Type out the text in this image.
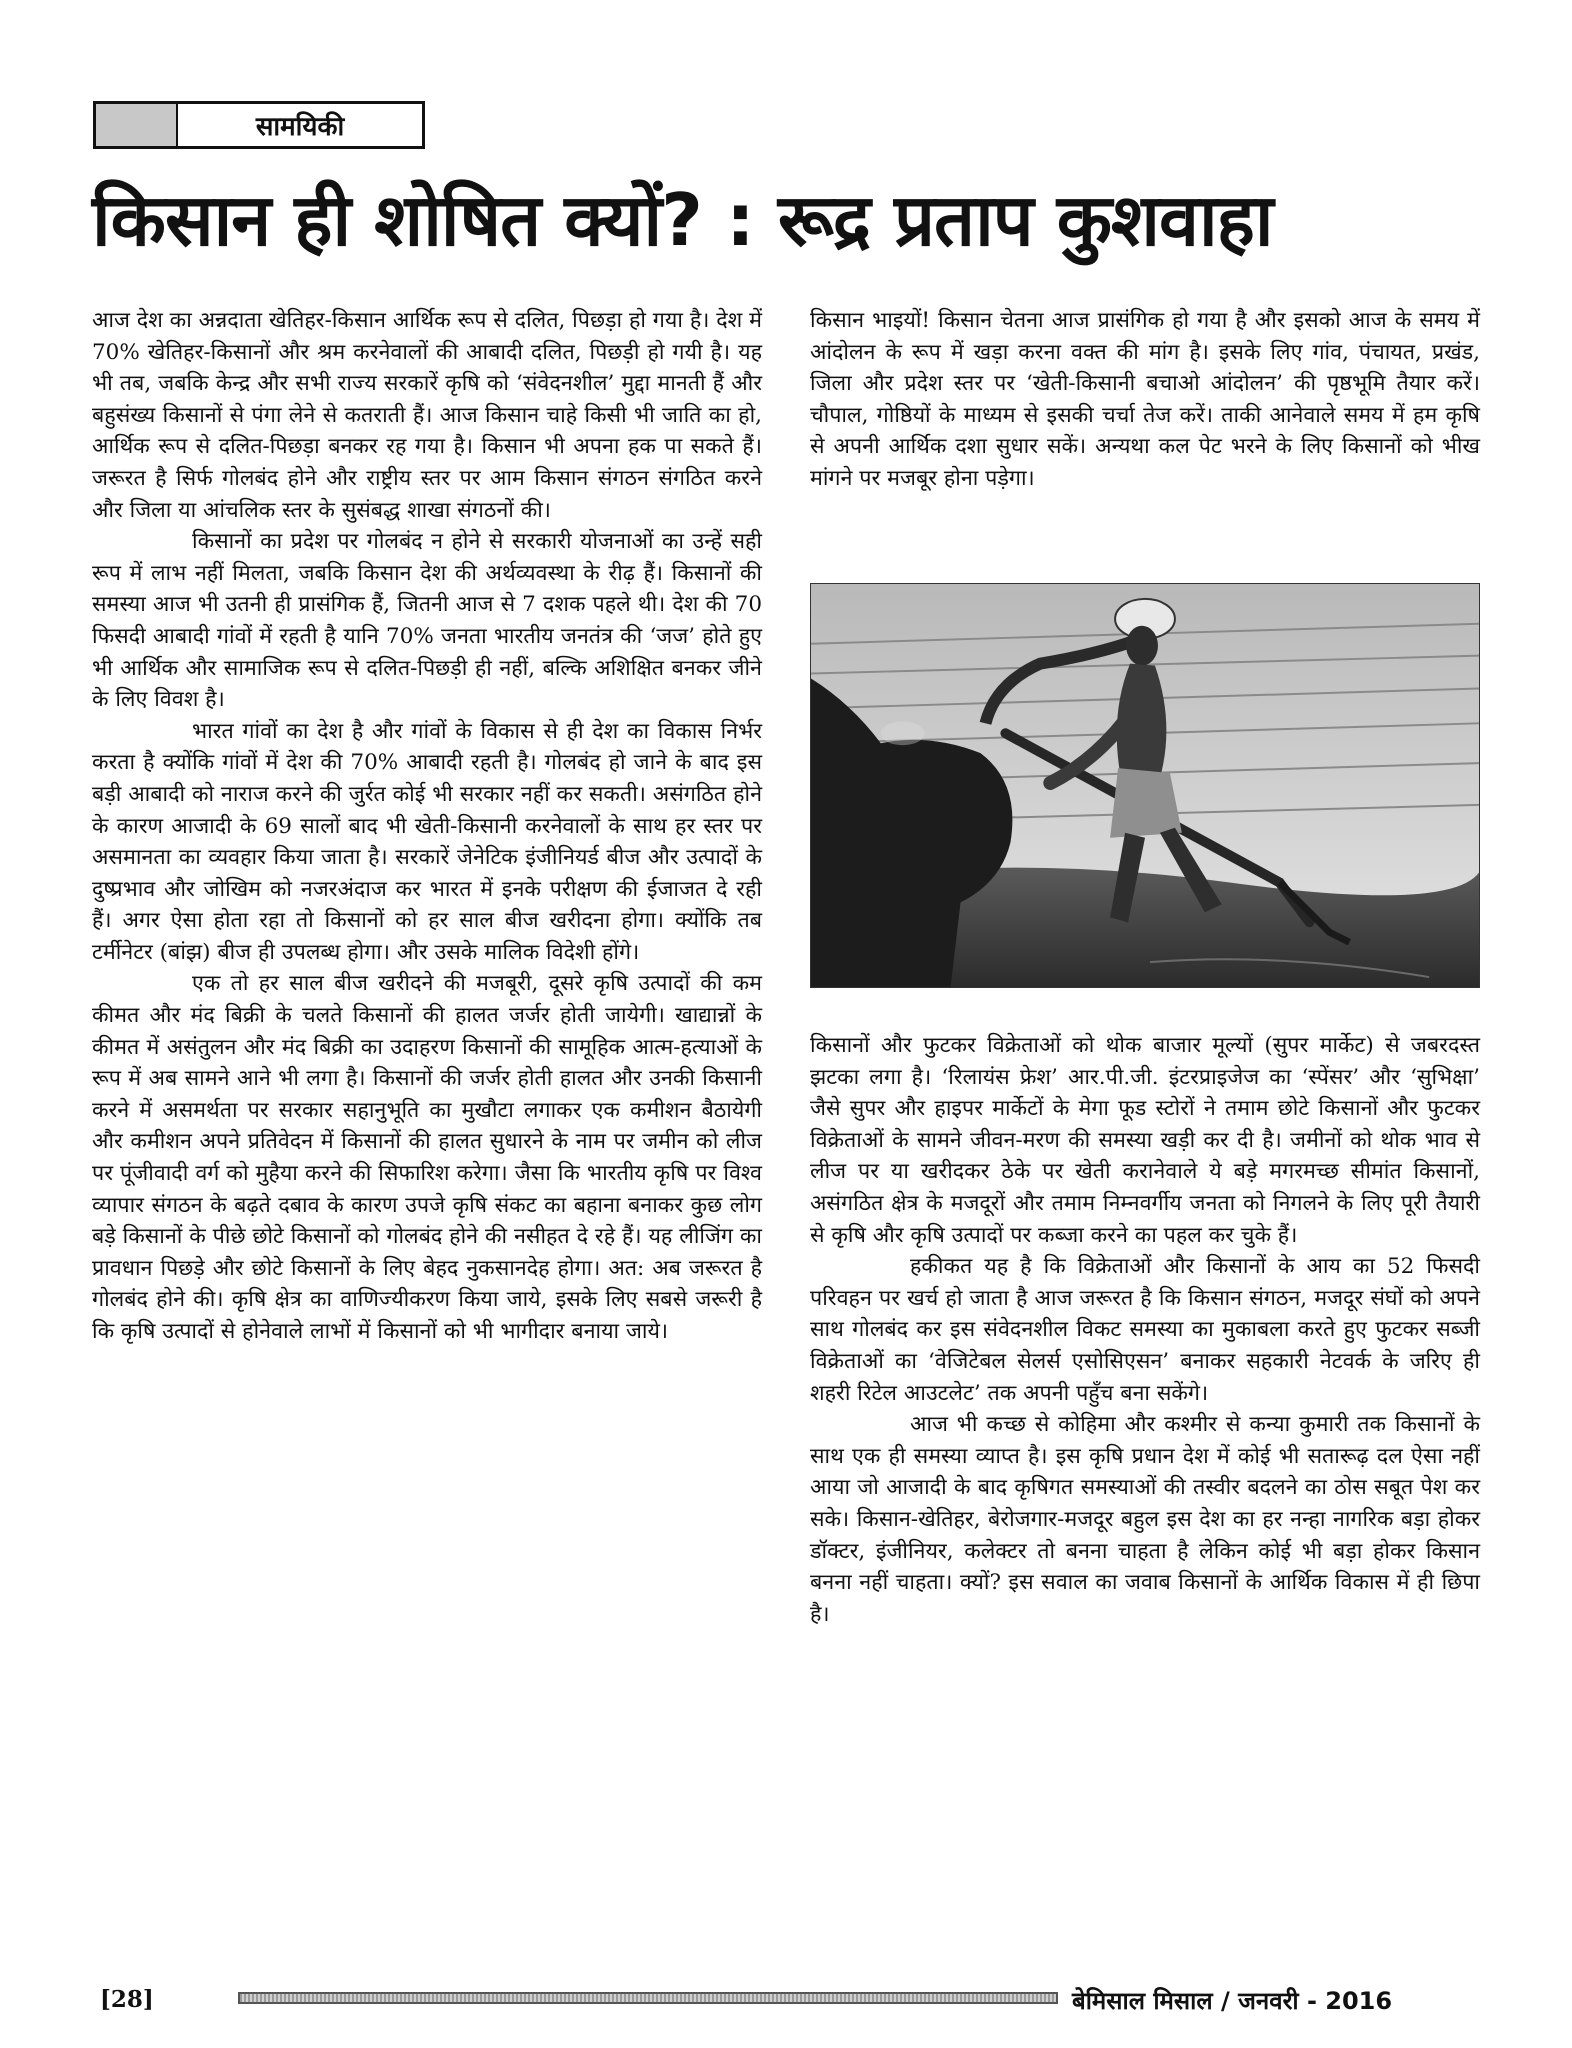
सामयिकी
किसान ही शोषित क्यों? : रूद्र प्रताप कुशवाहा

आज देश का अन्नदाता खेतिहर-किसान आर्थिक रूप से दलित, पिछड़ा हो गया है। देश में 70% खेतिहर-किसानों और श्रम करनेवालों की आबादी दलित, पिछड़ी हो गयी है। यह भी तब, जबकि केन्द्र और सभी राज्य सरकारें कृषि को ‘संवेदनशील’ मुद्दा मानती हैं और बहुसंख्य किसानों से पंगा लेने से कतराती हैं। आज किसान चाहे किसी भी जाति का हो, आर्थिक रूप से दलित-पिछड़ा बनकर रह गया है। किसान भी अपना हक पा सकते हैं। जरूरत है सिर्फ गोलबंद होने और राष्ट्रीय स्तर पर आम किसान संगठन संगठित करने और जिला या आंचलिक स्तर के सुसंबद्ध शाखा संगठनों की।

किसानों का प्रदेश पर गोलबंद न होने से सरकारी योजनाओं का उन्हें सही रूप में लाभ नहीं मिलता, जबकि किसान देश की अर्थव्यवस्था के रीढ़ हैं। किसानों की समस्या आज भी उतनी ही प्रासंगिक हैं, जितनी आज से 7 दशक पहले थी। देश की 70 फिसदी आबादी गांवों में रहती है यानि 70% जनता भारतीय जनतंत्र की ‘जज’ होते हुए भी आर्थिक और सामाजिक रूप से दलित-पिछड़ी ही नहीं, बल्कि अशिक्षित बनकर जीने के लिए विवश है।

भारत गांवों का देश है और गांवों के विकास से ही देश का विकास निर्भर करता है क्योंकि गांवों में देश की 70% आबादी रहती है। गोलबंद हो जाने के बाद इस बड़ी आबादी को नाराज करने की जुर्रत कोई भी सरकार नहीं कर सकती। असंगठित होने के कारण आजादी के 69 सालों बाद भी खेती-किसानी करनेवालों के साथ हर स्तर पर असमानता का व्यवहार किया जाता है। सरकारें जेनेटिक इंजीनियर्ड बीज और उत्पादों के दुष्प्रभाव और जोखिम को नजरअंदाज कर भारत में इनके परीक्षण की ईजाजत दे रही हैं। अगर ऐसा होता रहा तो किसानों को हर साल बीज खरीदना होगा। क्योंकि तब टर्मीनेटर (बांझ) बीज ही उपलब्ध होगा। और उसके मालिक विदेशी होंगे।

एक तो हर साल बीज खरीदने की मजबूरी, दूसरे कृषि उत्पादों की कम कीमत और मंद बिक्री के चलते किसानों की हालत जर्जर होती जायेगी। खाद्यान्नों के कीमत में असंतुलन और मंद बिक्री का उदाहरण किसानों की सामूहिक आत्म-हत्याओं के रूप में अब सामने आने भी लगा है। किसानों की जर्जर होती हालत और उनकी किसानी करने में असमर्थता पर सरकार सहानुभूति का मुखौटा लगाकर एक कमीशन बैठायेगी और कमीशन अपने प्रतिवेदन में किसानों की हालत सुधारने के नाम पर जमीन को लीज पर पूंजीवादी वर्ग को मुहैया करने की सिफारिश करेगा। जैसा कि भारतीय कृषि पर विश्व व्यापार संगठन के बढ़ते दबाव के कारण उपजे कृषि संकट का बहाना बनाकर कुछ लोग बड़े किसानों के पीछे छोटे किसानों को गोलबंद होने की नसीहत दे रहे हैं। यह लीजिंग का प्रावधान पिछड़े और छोटे किसानों के लिए बेहद नुकसानदेह होगा। अत: अब जरूरत है गोलबंद होने की। कृषि क्षेत्र का वाणिज्यीकरण किया जाये, इसके लिए सबसे जरूरी है कि कृषि उत्पादों से होनेवाले लाभों में किसानों को भी भागीदार बनाया जाये।

किसान भाइयों! किसान चेतना आज प्रासंगिक हो गया है और इसको आज के समय में आंदोलन के रूप में खड़ा करना वक्त की मांग है। इसके लिए गांव, पंचायत, प्रखंड, जिला और प्रदेश स्तर पर ‘खेती-किसानी बचाओ आंदोलन’ की पृष्ठभूमि तैयार करें। चौपाल, गोष्ठियों के माध्यम से इसकी चर्चा तेज करें। ताकी आनेवाले समय में हम कृषि से अपनी आर्थिक दशा सुधार सकें। अन्यथा कल पेट भरने के लिए किसानों को भीख मांगने पर मजबूर होना पड़ेगा।

किसानों और फुटकर विक्रेताओं को थोक बाजार मूल्यों (सुपर मार्केट) से जबरदस्त झटका लगा है। ‘रिलायंस फ्रेश’ आर.पी.जी. इंटरप्राइजेज का ‘स्पेंसर’ और ‘सुभिक्षा’ जैसे सुपर और हाइपर मार्केटों के मेगा फूड स्टोरों ने तमाम छोटे किसानों और फुटकर विक्रेताओं के सामने जीवन-मरण की समस्या खड़ी कर दी है। जमीनों को थोक भाव से लीज पर या खरीदकर ठेके पर खेती करानेवाले ये बड़े मगरमच्छ सीमांत किसानों, असंगठित क्षेत्र के मजदूरों और तमाम निम्नवर्गीय जनता को निगलने के लिए पूरी तैयारी से कृषि और कृषि उत्पादों पर कब्जा करने का पहल कर चुके हैं।

हकीकत यह है कि विक्रेताओं और किसानों के आय का 52 फिसदी परिवहन पर खर्च हो जाता है आज जरूरत है कि किसान संगठन, मजदूर संघों को अपने साथ गोलबंद कर इस संवेदनशील विकट समस्या का मुकाबला करते हुए फुटकर सब्जी विक्रेताओं का ‘वेजिटेबल सेलर्स एसोसिएसन’ बनाकर सहकारी नेटवर्क के जरिए ही शहरी रिटेल आउटलेट’ तक अपनी पहुँच बना सकेंगे।

आज भी कच्छ से कोहिमा और कश्मीर से कन्या कुमारी तक किसानों के साथ एक ही समस्या व्याप्त है। इस कृषि प्रधान देश में कोई भी सतारूढ़ दल ऐसा नहीं आया जो आजादी के बाद कृषिगत समस्याओं की तस्वीर बदलने का ठोस सबूत पेश कर सके। किसान-खेतिहर, बेरोजगार-मजदूर बहुल इस देश का हर नन्हा नागरिक बड़ा होकर डॉक्टर, इंजीनियर, कलेक्टर तो बनना चाहता है लेकिन कोई भी बड़ा होकर किसान बनना नहीं चाहता। क्यों? इस सवाल का जवाब किसानों के आर्थिक विकास में ही छिपा है।

[28]	बेमिसाल मिसाल / जनवरी - 2016
